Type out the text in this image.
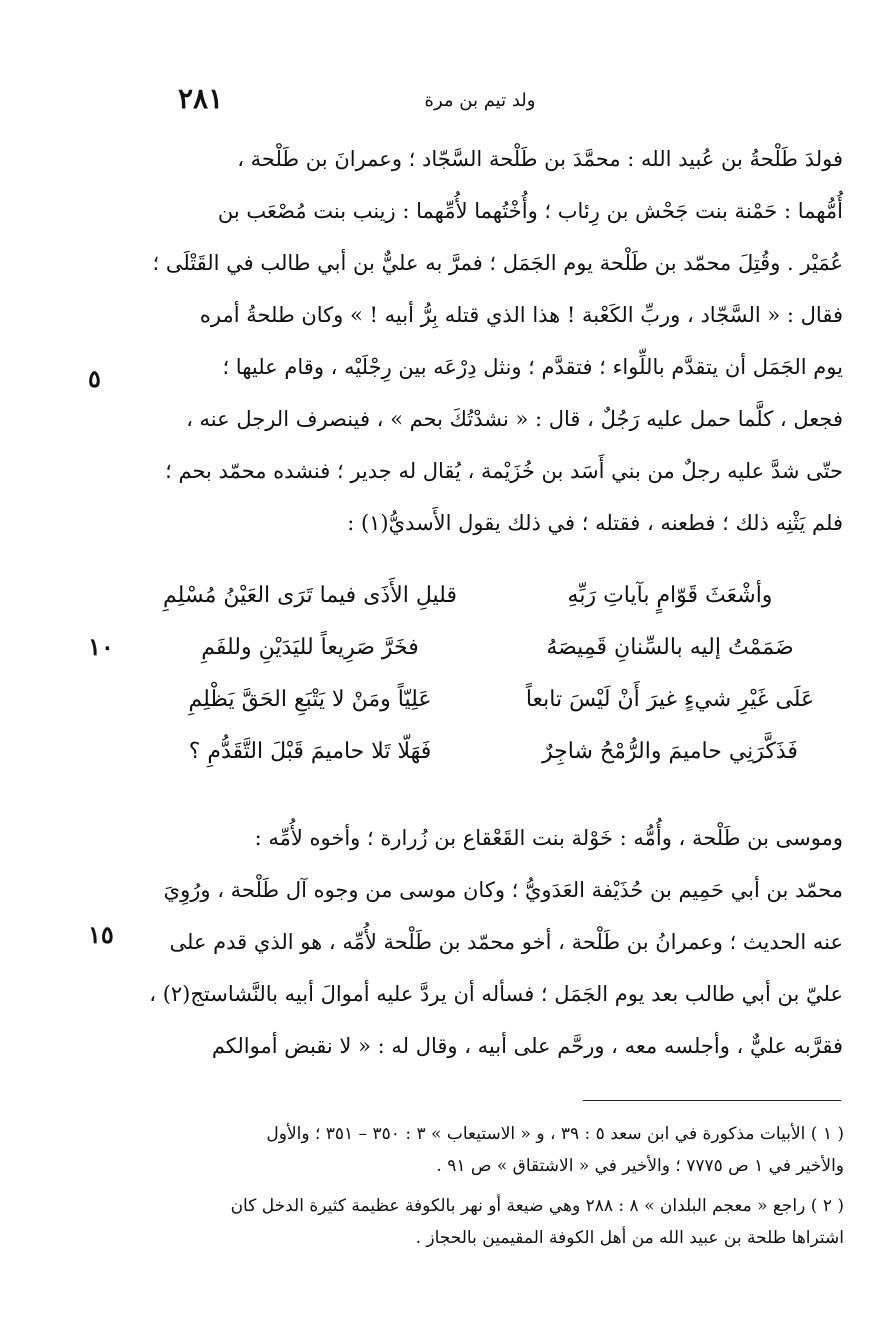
٢٨١	ولد تيم بن مرة
فولدَ طَلْحةُ بن عُبيد الله : محمَّدَ بن طَلْحة السَّجّاد ؛ وعمرانَ بن طَلْحة ،
أُمُّهما : حَمْنة بنت جَحْش بن رِئاب ؛ وأُخْتُهما لأُمِّهما : زينب بنت مُصْعَب بن
عُمَيْر . وقُتِلَ محمّد بن طَلْحة يوم الجَمَل ؛ فمرَّ به عليٌّ بن أبي طالب في القَتْلَى ؛
فقال : « السَّجّاد ، وربِّ الكَعْبة ! هذا الذي قتله بِرُّ أبيه ! » وكان طلحةُ أمره
يوم الجَمَل أن يتقدَّم باللِّواء ؛ فتقدَّم ؛ ونثل دِرْعَه بين رِجْلَيْه ، وقام عليها ؛
فجعل ، كلَّما حمل عليه رَجُلٌ ، قال : « نشدْتُكَ بحم » ، فينصرف الرجل عنه ،
حتّى شدَّ عليه رجلٌ من بني أَسَد بن خُزَيْمة ، يُقال له جدير ؛ فنشده محمّد بحم ؛
فلم يَثْنِه ذلك ؛ فطعنه ، فقتله ؛ في ذلك يقول الأَسديُّ(١) :
٥
وأشْعَثَ قَوّامٍ بآياتِ رَبِّهِ
قليلِ الأَذَى فيما تَرَى العَيْنُ مُسْلِمِ
ضَمَمْتُ إليه بالسِّنانِ قَمِيصَهُ
فخَرَّ صَرِيعاً لليَدَيْنِ وللفَمِ
عَلَى غَيْرِ شيءٍ غيرَ أَنْ لَيْسَ تابعاً
عَلِيّاً ومَنْ لا يَتْبَعِ الحَقَّ يَظْلِمِ
فَذَكَّرَنِي حاميمَ والرُّمْحُ شاجِرٌ
فَهَلّا تَلا حاميمَ قَبْلَ التَّقَدُّمِ ؟
١٠
وموسى بن طَلْحة ، وأُمُّه : خَوْلة بنت القَعْقاع بن زُرارة ؛ وأخوه لأُمِّه :
محمّد بن أبي حَمِيم بن حُذَيْفة العَدَويُّ ؛ وكان موسى من وجوه آل طَلْحة ، ورُوِيَ
عنه الحديث ؛ وعمرانُ بن طَلْحة ، أخو محمّد بن طَلْحة لأُمِّه ، هو الذي قدم على
عليّ بن أبي طالب بعد يوم الجَمَل ؛ فسأله أن يردَّ عليه أموالَ أبيه بالنَّشاستج(٢) ،
فقرَّبه عليٌّ ، وأجلسه معه ، ورحَّم على أبيه ، وقال له : « لا نقبض أموالكم
١٥
( ١ ) الأبيات مذكورة في ابن سعد ٥ : ٣٩ ، و « الاستيعاب » ٣ : ٣٥٠ – ٣٥١ ؛ والأول
والأخير في ١ ص ٧٧٧٥ ؛ والأخير في « الاشتقاق » ص ٩١ .
( ٢ ) راجع « معجم البلدان » ٨ : ٢٨٨ وهي ضيعة أو نهر بالكوفة عظيمة كثيرة الدخل كان
اشتراها طلحة بن عبيد الله من أهل الكوفة المقيمين بالحجاز .
